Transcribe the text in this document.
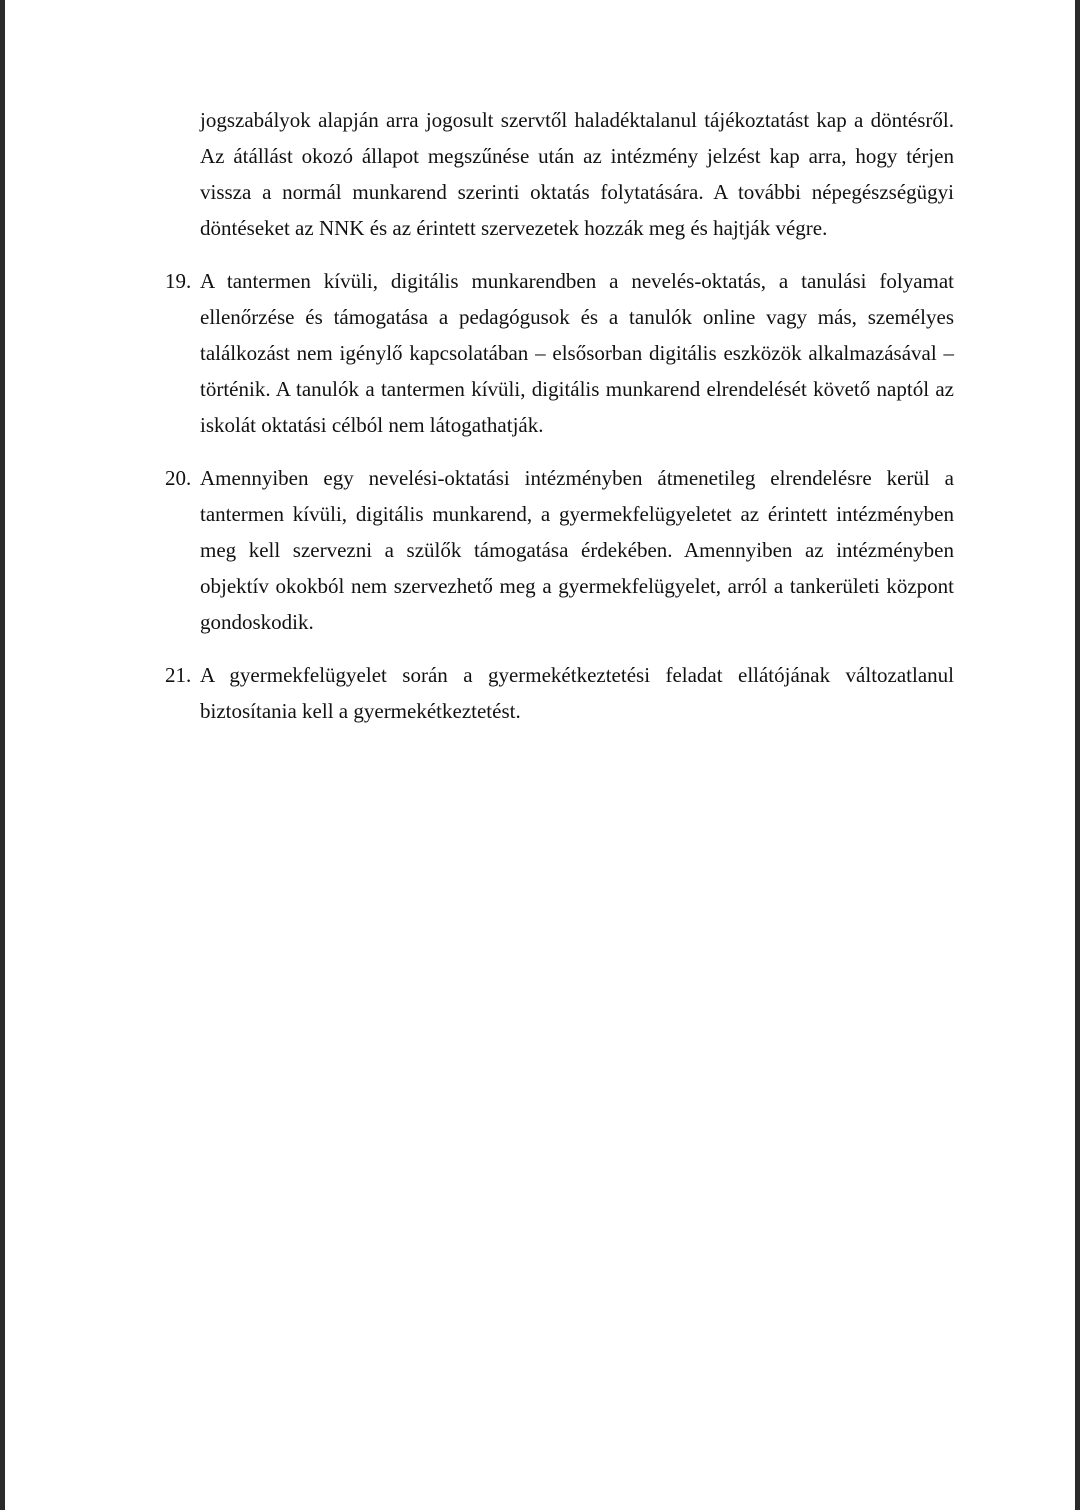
jogszabályok alapján arra jogosult szervtől haladéktalanul tájékoztatást kap a döntésről. Az átállást okozó állapot megszűnése után az intézmény jelzést kap arra, hogy térjen vissza a normál munkarend szerinti oktatás folytatására. A további népegészségügyi döntéseket az NNK és az érintett szervezetek hozzák meg és hajtják végre.

19. A tantermen kívüli, digitális munkarendben a nevelés-oktatás, a tanulási folyamat ellenőrzése és támogatása a pedagógusok és a tanulók online vagy más, személyes találkozást nem igénylő kapcsolatában – elsősorban digitális eszközök alkalmazásával – történik. A tanulók a tantermen kívüli, digitális munkarend elrendelését követő naptól az iskolát oktatási célból nem látogathatják.

20. Amennyiben egy nevelési-oktatási intézményben átmenetileg elrendelésre kerül a tantermen kívüli, digitális munkarend, a gyermekfelügyeletet az érintett intézményben meg kell szervezni a szülők támogatása érdekében. Amennyiben az intézményben objektív okokból nem szervezhető meg a gyermekfelügyelet, arról a tankerületi központ gondoskodik.

21. A gyermekfelügyelet során a gyermekétkeztetési feladat ellátójának változatlanul biztosítania kell a gyermekétkeztetést.
